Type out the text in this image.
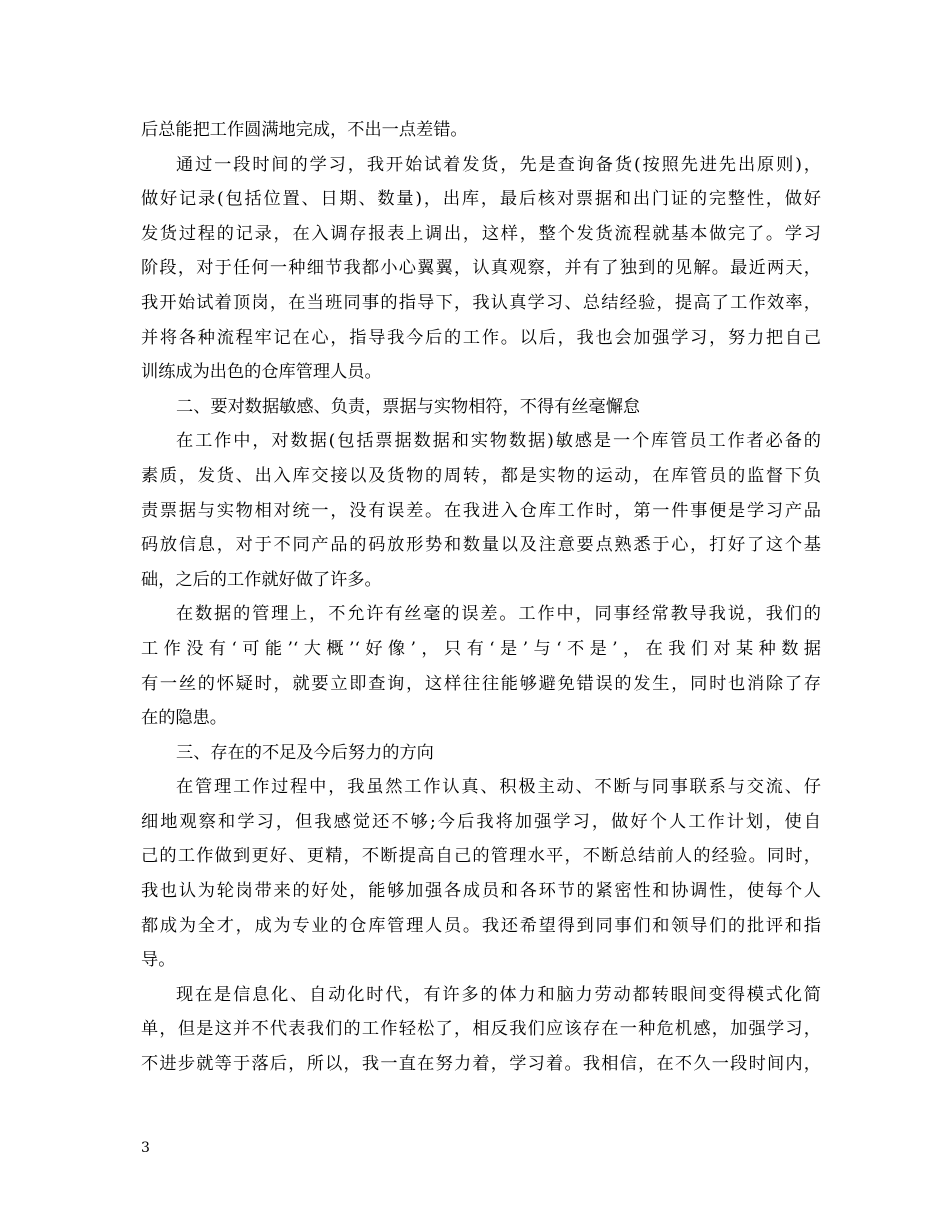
后总能把工作圆满地完成，不出一点差错。
通过一段时间的学习，我开始试着发货，先是查询备货(按照先进先出原则)，
做好记录(包括位置、日期、数量)，出库，最后核对票据和出门证的完整性，做好
发货过程的记录，在入调存报表上调出，这样，整个发货流程就基本做完了。学习
阶段，对于任何一种细节我都小心翼翼，认真观察，并有了独到的见解。最近两天，
我开始试着顶岗，在当班同事的指导下，我认真学习、总结经验，提高了工作效率，
并将各种流程牢记在心，指导我今后的工作。以后，我也会加强学习，努力把自己
训练成为出色的仓库管理人员。
二、要对数据敏感、负责，票据与实物相符，不得有丝毫懈怠
在工作中，对数据(包括票据数据和实物数据)敏感是一个库管员工作者必备的
素质，发货、出入库交接以及货物的周转，都是实物的运动，在库管员的监督下负
责票据与实物相对统一，没有误差。在我进入仓库工作时，第一件事便是学习产品
码放信息，对于不同产品的码放形势和数量以及注意要点熟悉于心，打好了这个基
础，之后的工作就好做了许多。
在数据的管理上，不允许有丝毫的误差。工作中，同事经常教导我说，我们的
工作没有‘可能’‘大概’‘好像’，只有‘是’与‘不是’，在我们对某种数据
有一丝的怀疑时，就要立即查询，这样往往能够避免错误的发生，同时也消除了存
在的隐患。
三、存在的不足及今后努力的方向
在管理工作过程中，我虽然工作认真、积极主动、不断与同事联系与交流、仔
细地观察和学习，但我感觉还不够;今后我将加强学习，做好个人工作计划，使自
己的工作做到更好、更精，不断提高自己的管理水平，不断总结前人的经验。同时，
我也认为轮岗带来的好处，能够加强各成员和各环节的紧密性和协调性，使每个人
都成为全才，成为专业的仓库管理人员。我还希望得到同事们和领导们的批评和指
导。
现在是信息化、自动化时代，有许多的体力和脑力劳动都转眼间变得模式化简
单，但是这并不代表我们的工作轻松了，相反我们应该存在一种危机感，加强学习，
不进步就等于落后，所以，我一直在努力着，学习着。我相信，在不久一段时间内，
3
